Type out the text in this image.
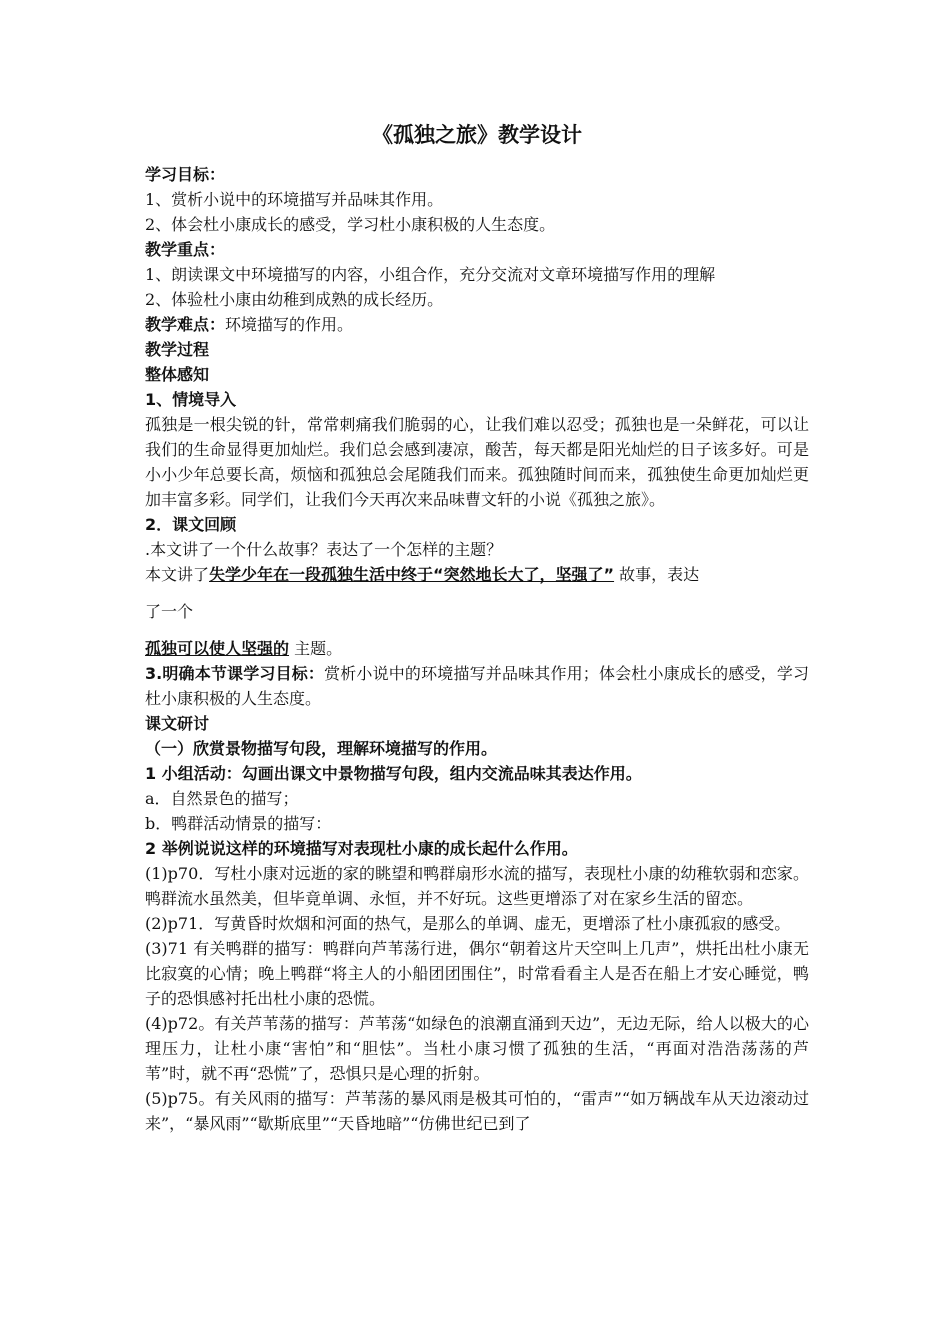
《孤独之旅》教学设计

学习目标：

1、赏析小说中的环境描写并品味其作用。

2、体会杜小康成长的感受，学习杜小康积极的人生态度。

教学重点：

1、朗读课文中环境描写的内容，小组合作，充分交流对文章环境描写作用的理解

2、体验杜小康由幼稚到成熟的成长经历。

教学难点：环境描写的作用。

教学过程

整体感知

1、情境导入

孤独是一根尖锐的针，常常刺痛我们脆弱的心，让我们难以忍受；孤独也是一朵鲜花，可以让我们的生命显得更加灿烂。我们总会感到凄凉，酸苦，每天都是阳光灿烂的日子该多好。可是小小少年总要长高，烦恼和孤独总会尾随我们而来。孤独随时间而来，孤独使生命更加灿烂更加丰富多彩。同学们，让我们今天再次来品味曹文轩的小说《孤独之旅》。

2．课文回顾

.本文讲了一个什么故事？表达了一个怎样的主题？

本文讲了失学少年在一段孤独生活中终于“突然地长大了，坚强了” 故事，表达

了一个

孤独可以使人坚强的 主题。

3.明确本节课学习目标：赏析小说中的环境描写并品味其作用；体会杜小康成长的感受，学习杜小康积极的人生态度。

课文研讨

（一）欣赏景物描写句段，理解环境描写的作用。

1 小组活动：勾画出课文中景物描写句段，组内交流品味其表达作用。

a．自然景色的描写；

b．鸭群活动情景的描写：

2 举例说说这样的环境描写对表现杜小康的成长起什么作用。

(1)p70．写杜小康对远逝的家的眺望和鸭群扇形水流的描写，表现杜小康的幼稚软弱和恋家。鸭群流水虽然美，但毕竟单调、永恒，并不好玩。这些更增添了对在家乡生活的留恋。

(2)p71．写黄昏时炊烟和河面的热气，是那么的单调、虚无，更增添了杜小康孤寂的感受。

(3)71 有关鸭群的描写：鸭群向芦苇荡行进，偶尔“朝着这片天空叫上几声”，烘托出杜小康无比寂寞的心情；晚上鸭群“将主人的小船团团围住”，时常看看主人是否在船上才安心睡觉，鸭子的恐惧感衬托出杜小康的恐慌。

(4)p72。有关芦苇荡的描写：芦苇荡“如绿色的浪潮直涌到天边”，无边无际，给人以极大的心理压力，让杜小康“害怕”和“胆怯”。当杜小康习惯了孤独的生活，“再面对浩浩荡荡的芦苇”时，就不再“恐慌”了，恐惧只是心理的折射。

(5)p75。有关风雨的描写：芦苇荡的暴风雨是极其可怕的，“雷声”“如万辆战车从天边滚动过来”，“暴风雨”“歇斯底里”“天昏地暗”“仿佛世纪已到了
